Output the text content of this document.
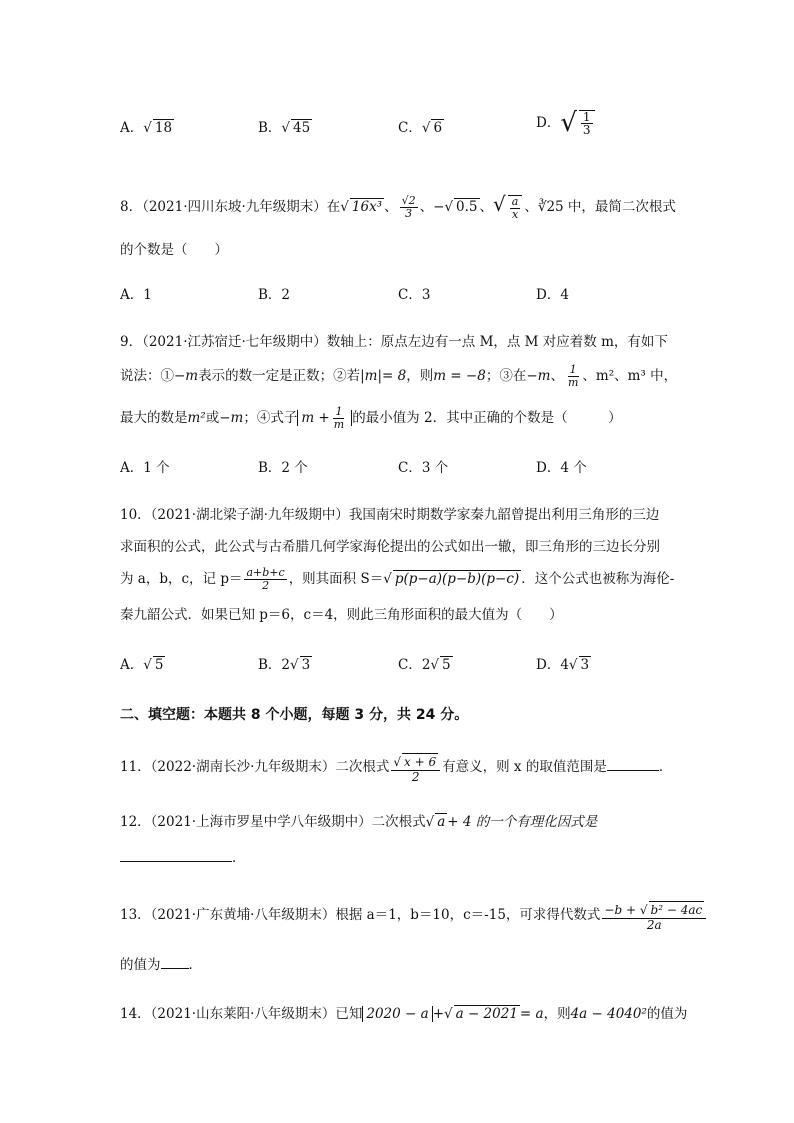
A．√ 18	B．√ 45	C．√ 6	D．√ $\frac{1}{3}$
8．（2021·四川东坡·九年级期末）在√ 16x³ 、 $\frac{√2}{3}$ 、−√ 0.5 、√ $\frac{a}{x}$ 、∛25 中，最简二次根式
的个数是（　　）
A．1	B．2	C．3	D．4
9．（2021·江苏宿迁·七年级期中）数轴上：原点左边有一点 M，点 M 对应着数 m，有如下
说法：①−m表示的数一定是正数；②若|m|= 8，则m = −8；③在−m、 $\frac{1}{m}$ 、m²、m³ 中，
最大的数是m²或−m；④式子 $m + \frac{1}{m}$ 的最小值为 2．其中正确的个数是（　　　）
A．1 个	B．2 个	C．3 个	D．4 个
10．（2021·湖北梁子湖·九年级期中）我国南宋时期数学家秦九韶曾提出利用三角形的三边
求面积的公式，此公式与古希腊几何学家海伦提出的公式如出一辙，即三角形的三边长分别
为 a，b，c，记 $p= \frac{a+b+c}{2}$ ，则其面积 S＝√ p(p−a)(p−b)(p−c) ．这个公式也被称为海伦-
秦九韶公式．如果已知 p＝6，c＝4，则此三角形面积的最大值为（　　）
A．√ 5	B．2√ 3	C．2√ 5	D．4√ 3
二、填空题：本题共 8 个小题，每题 3 分，共 24 分。
11．（2022·湖南长沙·九年级期末）二次根式 $\frac{√ x + 6}{2}$ 有意义，则 x 的取值范围是	．
12．（2021·上海市罗星中学八年级期中）二次根式√ a + 4 的一个有理化因式是
．
13．（2021·广东黄埔·八年级期末）根据 a＝1，b＝10，c＝-15，可求得代数式 $\frac{\text{−b + √ b² − 4ac}}{2a}$
的值为 ．
14．（2021·山东莱阳·八年级期末）已知 2020 − a +√ a − 2021 = a，则4a − 4040²的值为
